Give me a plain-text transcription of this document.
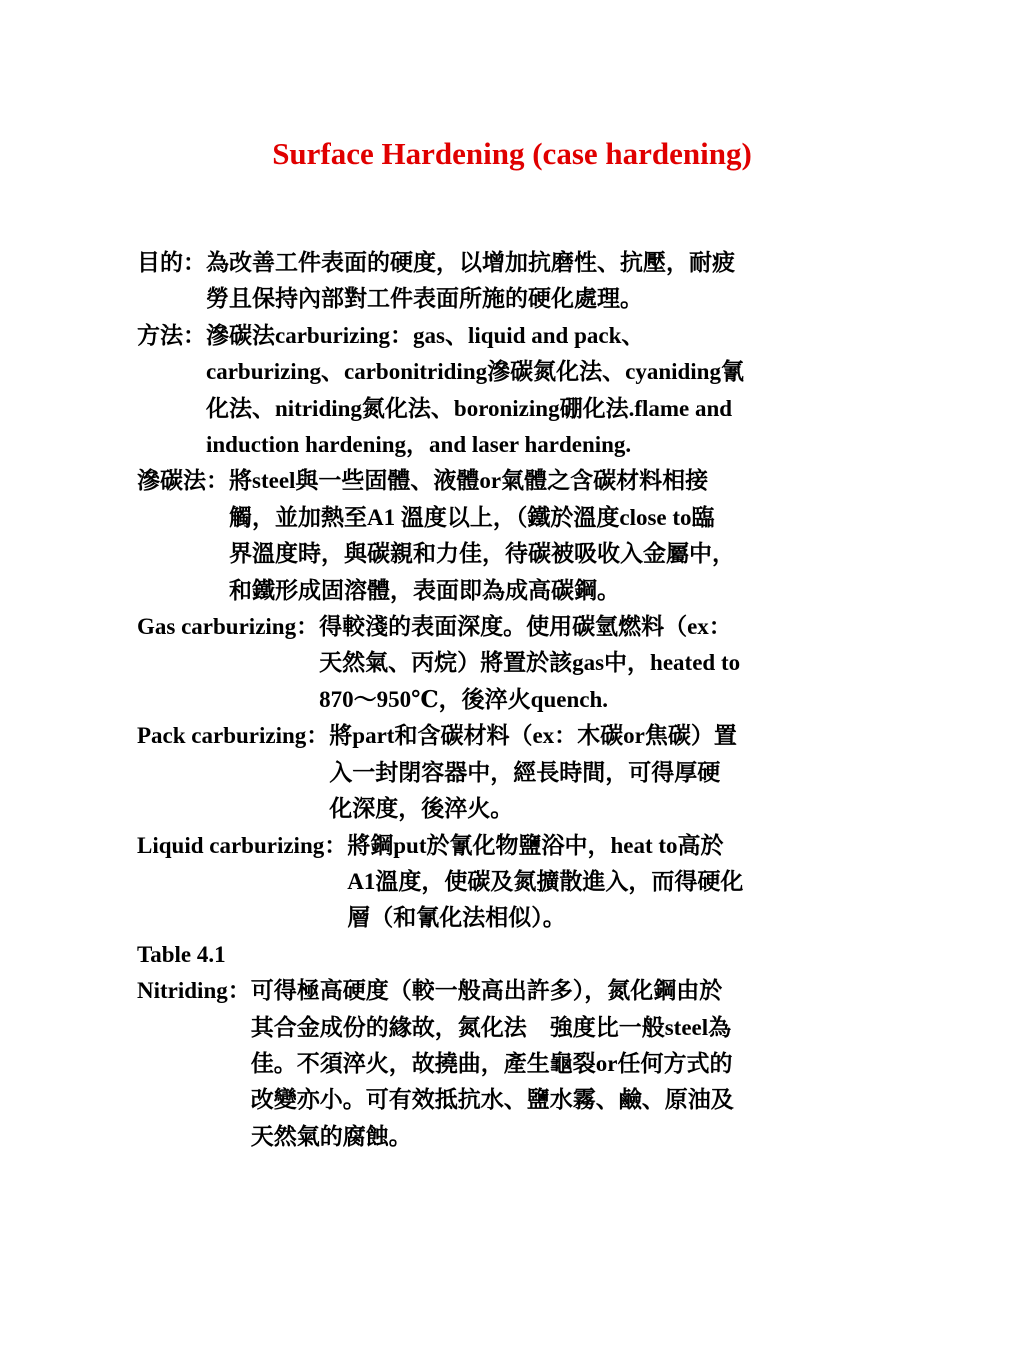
Surface Hardening (case hardening)
目的： 為改善工件表面的硬度，以增加抗磨性、抗壓，耐疲
勞且保持內部對工件表面所施的硬化處理。
方法： 滲碳法carburizing：gas、liquid and pack、
carburizing、carbonitriding滲碳氮化法、cyaniding氰
化法、nitriding氮化法、boronizing硼化法.flame and
induction hardening，and laser hardening.
滲碳法： 將steel與一些固體、液體or氣體之含碳材料相接
觸，並加熱至A1 溫度以上，（鐵於溫度close to臨
界溫度時，與碳親和力佳，待碳被吸收入金屬中，
和鐵形成固溶體，表面即為成高碳鋼。
Gas carburizing： 得較淺的表面深度。使用碳氫燃料（ex：
天然氣、丙烷）將置於該gas中，heated to
870～950℃，後淬火quench.
Pack carburizing： 將part和含碳材料（ex：木碳or焦碳）置
入一封閉容器中，經長時間，可得厚硬
化深度，後淬火。
Liquid carburizing： 將鋼put於氰化物鹽浴中，heat to高於
A1溫度，使碳及氮擴散進入，而得硬化
層（和氰化法相似）。
Table 4.1
Nitriding： 可得極高硬度（較一般高出許多），氮化鋼由於
其合金成份的緣故，氮化法　強度比一般steel為
佳。不須淬火，故撓曲，產生龜裂or任何方式的
改變亦小。可有效抵抗水、鹽水霧、鹼、原油及
天然氣的腐蝕。
